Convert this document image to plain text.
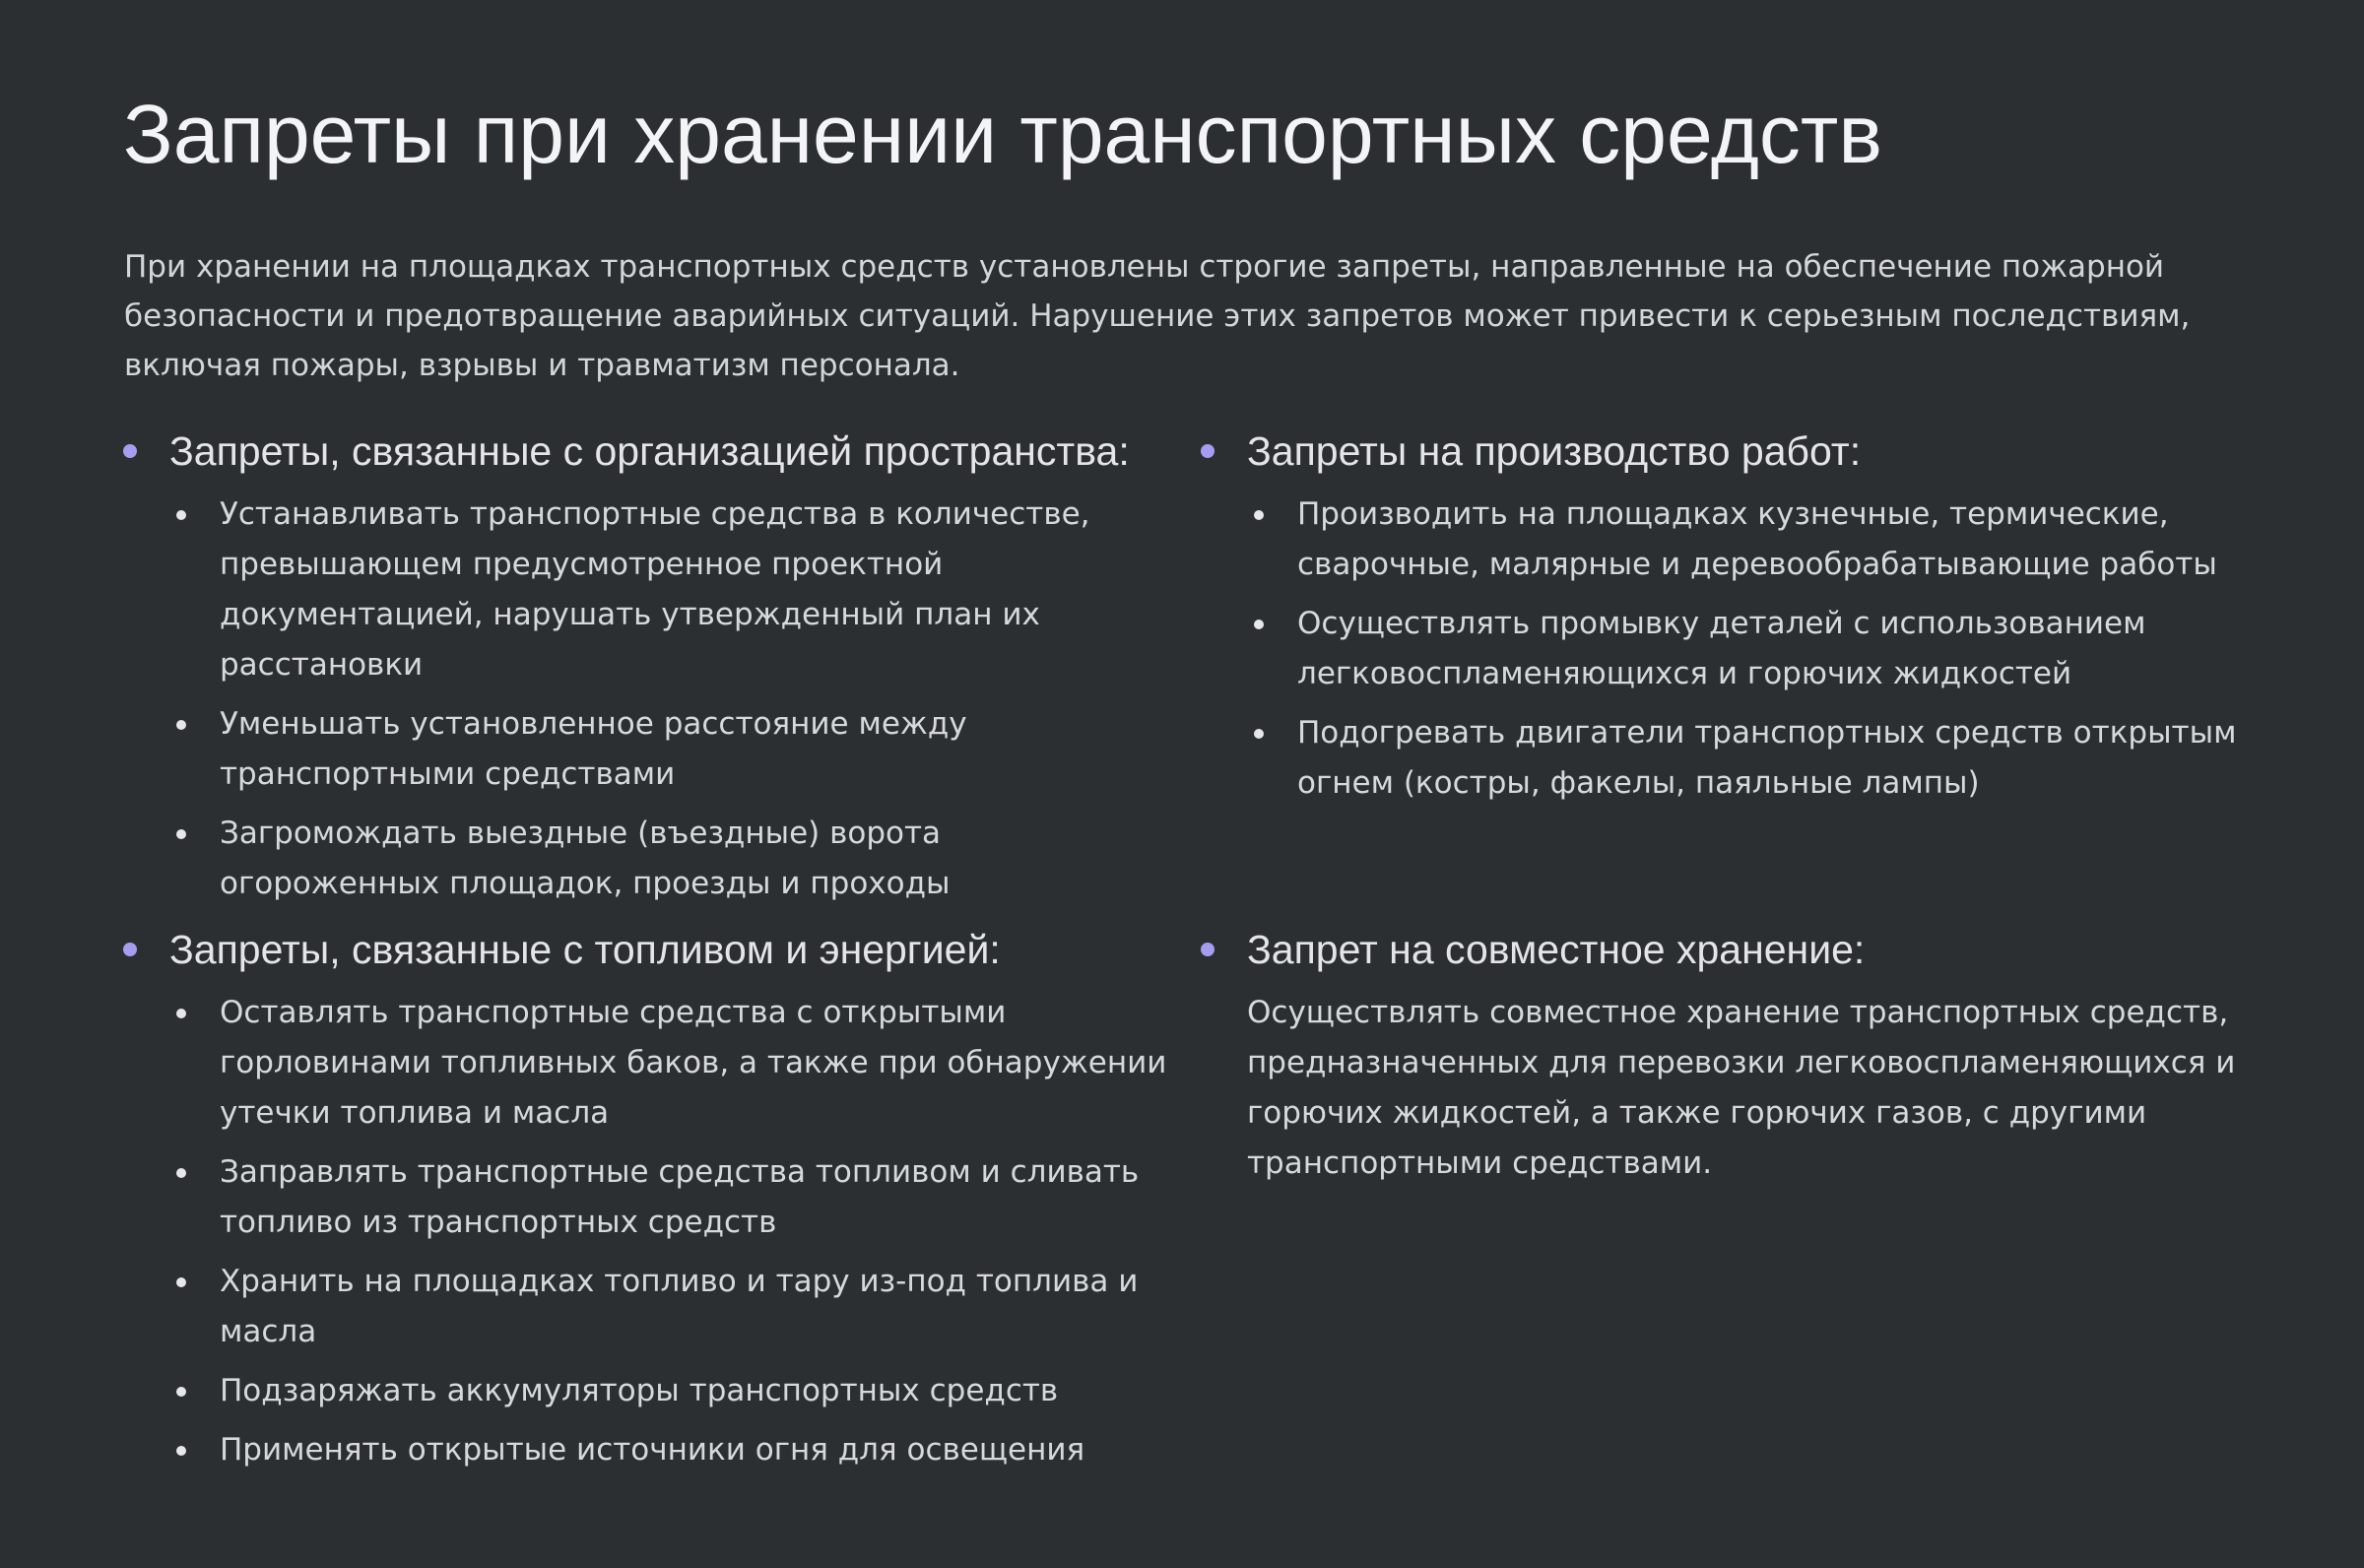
Запреты при хранении транспортных средств

При хранении на площадках транспортных средств установлены строгие запреты, направленные на обеспечение пожарной безопасности и предотвращение аварийных ситуаций. Нарушение этих запретов может привести к серьезным последствиям, включая пожары, взрывы и травматизм персонала.

Запреты, связанные с организацией пространства:
Устанавливать транспортные средства в количестве, превышающем предусмотренное проектной документацией, нарушать утвержденный план их расстановки
Уменьшать установленное расстояние между транспортными средствами
Загромождать выездные (въездные) ворота огороженных площадок, проезды и проходы
Запреты на производство работ:
Производить на площадках кузнечные, термические, сварочные, малярные и деревообрабатывающие работы
Осуществлять промывку деталей с использованием легковоспламеняющихся и горючих жидкостей
Подогревать двигатели транспортных средств открытым огнем (костры, факелы, паяльные лампы)
Запреты, связанные с топливом и энергией:
Оставлять транспортные средства с открытыми горловинами топливных баков, а также при обнаружении утечки топлива и масла
Заправлять транспортные средства топливом и сливать топливо из транспортных средств
Хранить на площадках топливо и тару из-под топлива и масла
Подзаряжать аккумуляторы транспортных средств
Применять открытые источники огня для освещения
Запрет на совместное хранение:

Осуществлять совместное хранение транспортных средств, предназначенных для перевозки легковоспламеняющихся и горючих жидкостей, а также горючих газов, с другими транспортными средствами.
